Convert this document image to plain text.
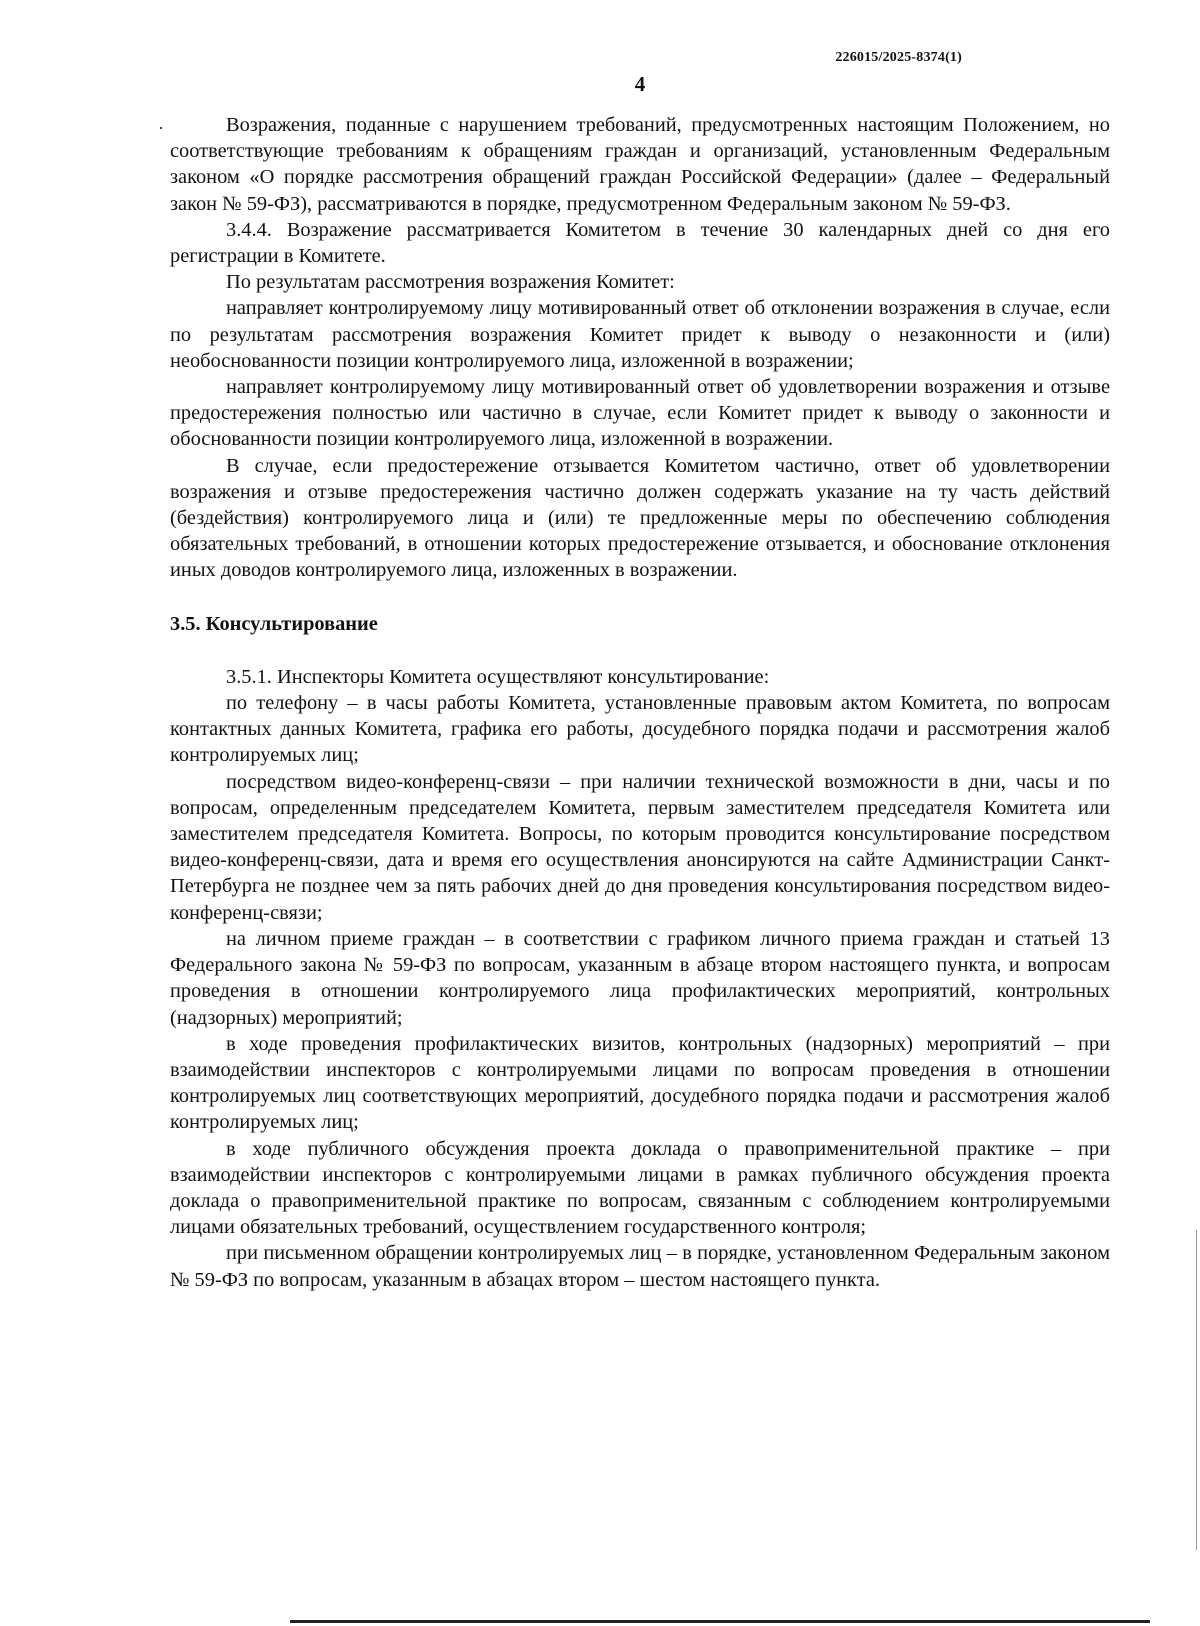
226015/2025-8374(1)
4

Возражения, поданные с нарушением требований, предусмотренных настоящим Положением, но соответствующие требованиям к обращениям граждан и организаций, установленным Федеральным законом «О порядке рассмотрения обращений граждан Российской Федерации» (далее – Федеральный закон № 59-ФЗ), рассматриваются в порядке, предусмотренном Федеральным законом № 59-ФЗ.

3.4.4. Возражение рассматривается Комитетом в течение 30 календарных дней со дня его регистрации в Комитете.

По результатам рассмотрения возражения Комитет:

направляет контролируемому лицу мотивированный ответ об отклонении возражения в случае, если по результатам рассмотрения возражения Комитет придет к выводу о незаконности и (или) необоснованности позиции контролируемого лица, изложенной в возражении;

направляет контролируемому лицу мотивированный ответ об удовлетворении возражения и отзыве предостережения полностью или частично в случае, если Комитет придет к выводу о законности и обоснованности позиции контролируемого лица, изложенной в возражении.

В случае, если предостережение отзывается Комитетом частично, ответ об удовлетворении возражения и отзыве предостережения частично должен содержать указание на ту часть действий (бездействия) контролируемого лица и (или) те предложенные меры по обеспечению соблюдения обязательных требований, в отношении которых предостережение отзывается, и обоснование отклонения иных доводов контролируемого лица, изложенных в возражении.

3.5. Консультирование

3.5.1. Инспекторы Комитета осуществляют консультирование:

по телефону – в часы работы Комитета, установленные правовым актом Комитета, по вопросам контактных данных Комитета, графика его работы, досудебного порядка подачи и рассмотрения жалоб контролируемых лиц;

посредством видео-конференц-связи – при наличии технической возможности в дни, часы и по вопросам, определенным председателем Комитета, первым заместителем председателя Комитета или заместителем председателя Комитета. Вопросы, по которым проводится консультирование посредством видео-конференц-связи, дата и время его осуществления анонсируются на сайте Администрации Санкт-Петербурга не позднее чем за пять рабочих дней до дня проведения консультирования посредством видео-конференц-связи;

на личном приеме граждан – в соответствии с графиком личного приема граждан и статьей 13 Федерального закона № 59-ФЗ по вопросам, указанным в абзаце втором настоящего пункта, и вопросам проведения в отношении контролируемого лица профилактических мероприятий, контрольных (надзорных) мероприятий;

в ходе проведения профилактических визитов, контрольных (надзорных) мероприятий – при взаимодействии инспекторов с контролируемыми лицами по вопросам проведения в отношении контролируемых лиц соответствующих мероприятий, досудебного порядка подачи и рассмотрения жалоб контролируемых лиц;

в ходе публичного обсуждения проекта доклада о правоприменительной практике – при взаимодействии инспекторов с контролируемыми лицами в рамках публичного обсуждения проекта доклада о правоприменительной практике по вопросам, связанным с соблюдением контролируемыми лицами обязательных требований, осуществлением государственного контроля;

при письменном обращении контролируемых лиц – в порядке, установленном Федеральным законом № 59-ФЗ по вопросам, указанным в абзацах втором – шестом настоящего пункта.
